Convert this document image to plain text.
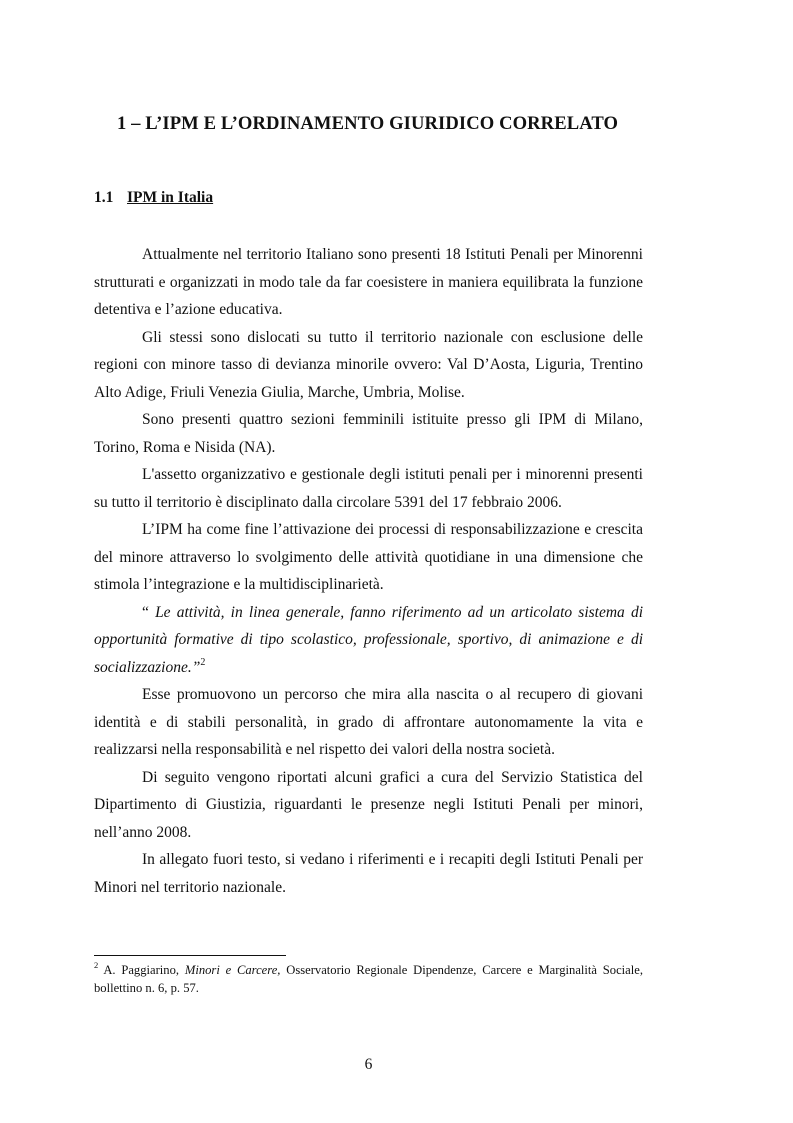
1 – L’IPM E L’ORDINAMENTO GIURIDICO CORRELATO
1.1 IPM in Italia

Attualmente nel territorio Italiano sono presenti 18 Istituti Penali per Minorenni strutturati e organizzati in modo tale da far coesistere in maniera equilibrata la funzione detentiva e l’azione educativa.

Gli stessi sono dislocati su tutto il territorio nazionale con esclusione delle regioni con minore tasso di devianza minorile ovvero: Val D’Aosta, Liguria, Trentino Alto Adige, Friuli Venezia Giulia, Marche, Umbria, Molise.

Sono presenti quattro sezioni femminili istituite presso gli IPM di Milano, Torino, Roma e Nisida (NA).

L'assetto organizzativo e gestionale degli istituti penali per i minorenni presenti su tutto il territorio è disciplinato dalla circolare 5391 del 17 febbraio 2006.

L’IPM ha come fine l’attivazione dei processi di responsabilizzazione e crescita del minore attraverso lo svolgimento delle attività quotidiane in una dimensione che stimola l’integrazione e la multidisciplinarietà.

“ Le attività, in linea generale, fanno riferimento ad un articolato sistema di opportunità formative di tipo scolastico, professionale, sportivo, di animazione e di socializzazione.”$^2$

Esse promuovono un percorso che mira alla nascita o al recupero di giovani identità e di stabili personalità, in grado di affrontare autonomamente la vita e realizzarsi nella responsabilità e nel rispetto dei valori della nostra società.

Di seguito vengono riportati alcuni grafici a cura del Servizio Statistica del Dipartimento di Giustizia, riguardanti le presenze negli Istituti Penali per minori, nell’anno 2008.

In allegato fuori testo, si vedano i riferimenti e i recapiti degli Istituti Penali per Minori nel territorio nazionale.

$^2$ A. Paggiarino, Minori e Carcere, Osservatorio Regionale Dipendenze, Carcere e Marginalità Sociale, bollettino n. 6, p. 57.

6
